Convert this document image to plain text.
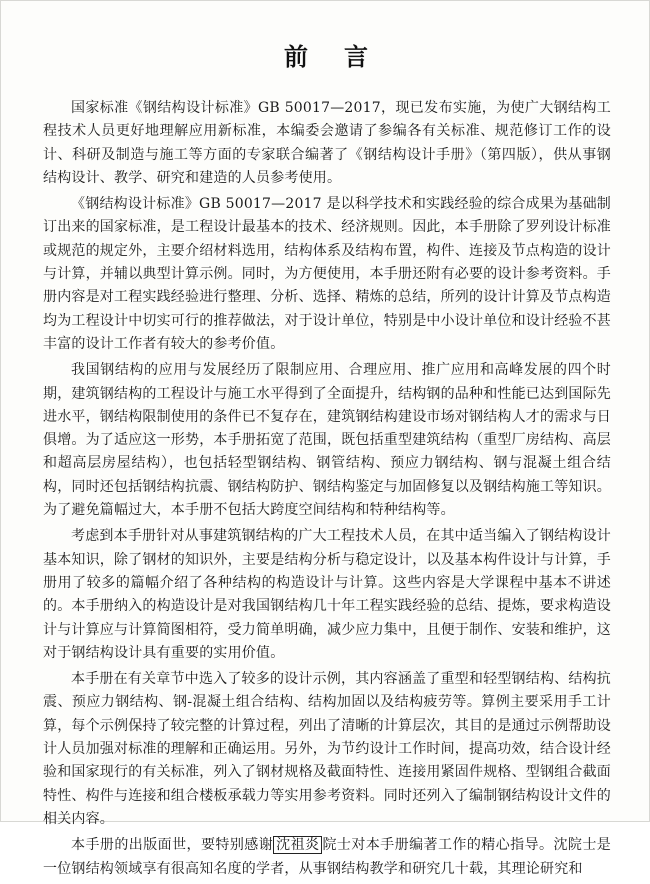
前言

国家标准《钢结构设计标准》GB 50017—2017，现已发布实施，为使广大钢结构工程技术人员更好地理解应用新标准，本编委会邀请了参编各有关标准、规范修订工作的设计、科研及制造与施工等方面的专家联合编著了《钢结构设计手册》（第四版），供从事钢结构设计、教学、研究和建造的人员参考使用。

《钢结构设计标准》GB 50017—2017 是以科学技术和实践经验的综合成果为基础制订出来的国家标准，是工程设计最基本的技术、经济规则。因此，本手册除了罗列设计标准或规范的规定外，主要介绍材料选用，结构体系及结构布置，构件、连接及节点构造的设计与计算，并辅以典型计算示例。同时，为方便使用，本手册还附有必要的设计参考资料。手册内容是对工程实践经验进行整理、分析、选择、精炼的总结，所列的设计计算及节点构造均为工程设计中切实可行的推荐做法，对于设计单位，特别是中小设计单位和设计经验不甚丰富的设计工作者有较大的参考价值。

我国钢结构的应用与发展经历了限制应用、合理应用、推广应用和高峰发展的四个时期，建筑钢结构的工程设计与施工水平得到了全面提升，结构钢的品种和性能已达到国际先进水平，钢结构限制使用的条件已不复存在，建筑钢结构建设市场对钢结构人才的需求与日俱增。为了适应这一形势，本手册拓宽了范围，既包括重型建筑结构（重型厂房结构、高层和超高层房屋结构），也包括轻型钢结构、钢管结构、预应力钢结构、钢与混凝土组合结构，同时还包括钢结构抗震、钢结构防护、钢结构鉴定与加固修复以及钢结构施工等知识。为了避免篇幅过大，本手册不包括大跨度空间结构和特种结构等。

考虑到本手册针对从事建筑钢结构的广大工程技术人员，在其中适当编入了钢结构设计基本知识，除了钢材的知识外，主要是结构分析与稳定设计，以及基本构件设计与计算，手册用了较多的篇幅介绍了各种结构的构造设计与计算。这些内容是大学课程中基本不讲述的。本手册纳入的构造设计是对我国钢结构几十年工程实践经验的总结、提炼，要求构造设计与计算应与计算简图相符，受力简单明确，减少应力集中，且便于制作、安装和维护，这对于钢结构设计具有重要的实用价值。

本手册在有关章节中选入了较多的设计示例，其内容涵盖了重型和轻型钢结构、结构抗震、预应力钢结构、钢-混凝土组合结构、结构加固以及结构疲劳等。算例主要采用手工计算，每个示例保持了较完整的计算过程，列出了清晰的计算层次，其目的是通过示例帮助设计人员加强对标准的理解和正确运用。另外，为节约设计工作时间，提高功效，结合设计经验和国家现行的有关标准，列入了钢材规格及截面特性、连接用紧固件规格、型钢组合截面特性、构件与连接和组合楼板承载力等实用参考资料。同时还列入了编制钢结构设计文件的相关内容。

本手册的出版面世，要特别感谢 沈祖炎 院士对本手册编著工作的精心指导。沈院士是一位钢结构领域享有很高知名度的学者，从事钢结构教学和研究几十载，其理论研究和
